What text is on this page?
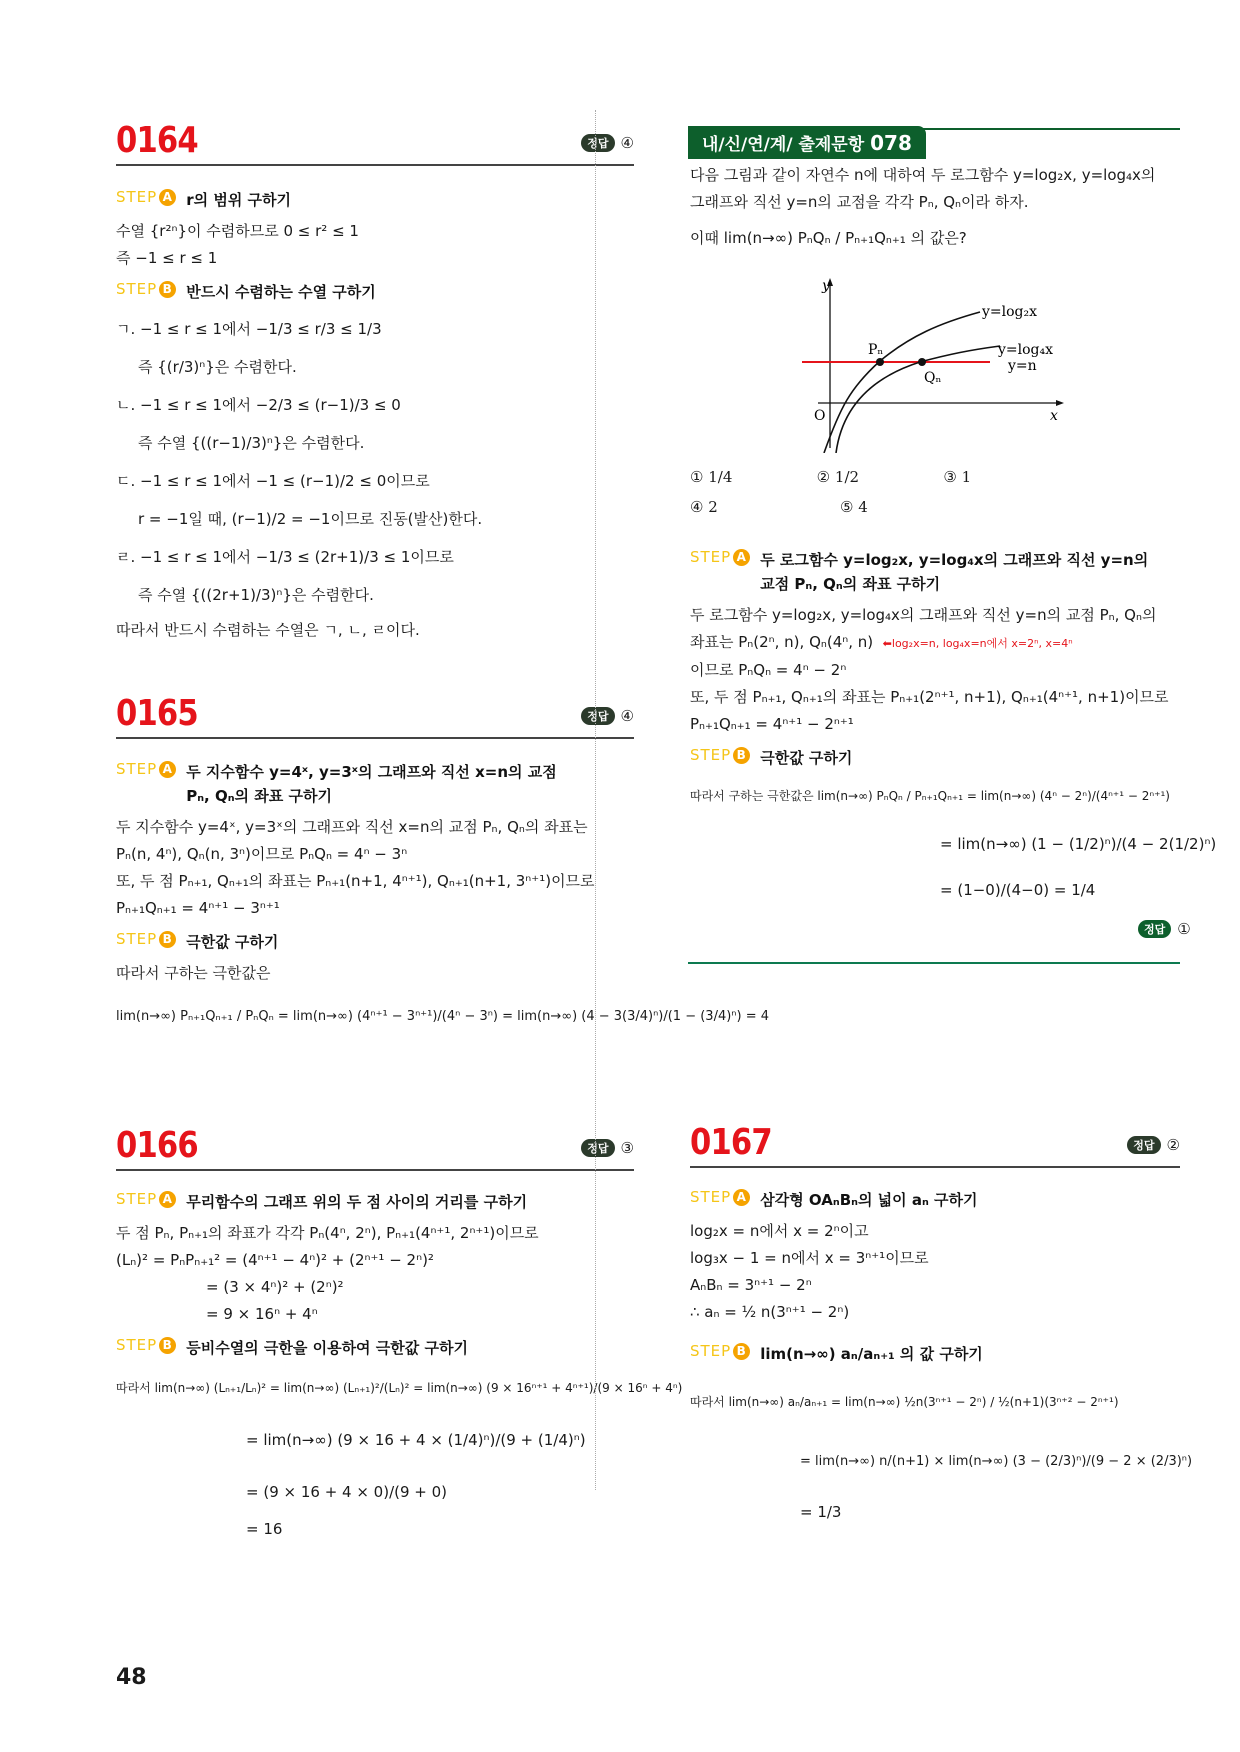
0164	정답 ④
STEP A r의 범위 구하기
수열 {r²ⁿ}이 수렴하므로 0 ≤ r² ≤ 1
즉 −1 ≤ r ≤ 1
STEP B 반드시 수렴하는 수열 구하기
ㄱ. −1 ≤ r ≤ 1에서 −1/3 ≤ r/3 ≤ 1/3
즉 {(r/3)ⁿ}은 수렴한다.
ㄴ. −1 ≤ r ≤ 1에서 −2/3 ≤ (r−1)/3 ≤ 0
즉 수열 {((r−1)/3)ⁿ}은 수렴한다.
ㄷ. −1 ≤ r ≤ 1에서 −1 ≤ (r−1)/2 ≤ 0이므로
r = −1일 때, (r−1)/2 = −1이므로 진동(발산)한다.
ㄹ. −1 ≤ r ≤ 1에서 −1/3 ≤ (2r+1)/3 ≤ 1이므로
즉 수열 {((2r+1)/3)ⁿ}은 수렴한다.
따라서 반드시 수렴하는 수열은 ㄱ, ㄴ, ㄹ이다.
0165	정답 ④
STEP A 두 지수함수 y=4ˣ, y=3ˣ의 그래프와 직선 x=n의 교점 Pₙ, Qₙ의 좌표 구하기
두 지수함수 y=4ˣ, y=3ˣ의 그래프와 직선 x=n의 교점 Pₙ, Qₙ의 좌표는
Pₙ(n, 4ⁿ), Qₙ(n, 3ⁿ)이므로 PₙQₙ = 4ⁿ − 3ⁿ
또, 두 점 Pₙ₊₁, Qₙ₊₁의 좌표는 Pₙ₊₁(n+1, 4ⁿ⁺¹), Qₙ₊₁(n+1, 3ⁿ⁺¹)이므로
Pₙ₊₁Qₙ₊₁ = 4ⁿ⁺¹ − 3ⁿ⁺¹
STEP B 극한값 구하기
따라서 구하는 극한값은
lim(n→∞) Pₙ₊₁Qₙ₊₁ / PₙQₙ = lim(n→∞) (4ⁿ⁺¹ − 3ⁿ⁺¹)/(4ⁿ − 3ⁿ) = lim(n→∞) (4 − 3(3/4)ⁿ)/(1 − (3/4)ⁿ) = 4
0166	정답 ③
STEP A 무리함수의 그래프 위의 두 점 사이의 거리를 구하기
두 점 Pₙ, Pₙ₊₁의 좌표가 각각 Pₙ(4ⁿ, 2ⁿ), Pₙ₊₁(4ⁿ⁺¹, 2ⁿ⁺¹)이므로
(Lₙ)² = PₙPₙ₊₁² = (4ⁿ⁺¹ − 4ⁿ)² + (2ⁿ⁺¹ − 2ⁿ)²
= (3 × 4ⁿ)² + (2ⁿ)²
= 9 × 16ⁿ + 4ⁿ
STEP B 등비수열의 극한을 이용하여 극한값 구하기
따라서 lim(n→∞) (Lₙ₊₁/Lₙ)² = lim(n→∞) (Lₙ₊₁)²/(Lₙ)² = lim(n→∞) (9 × 16ⁿ⁺¹ + 4ⁿ⁺¹)/(9 × 16ⁿ + 4ⁿ)
= lim(n→∞) (9 × 16 + 4 × (1/4)ⁿ)/(9 + (1/4)ⁿ)
= (9 × 16 + 4 × 0)/(9 + 0)
= 16
내/신/연/계/ 출제문항 078
다음 그림과 같이 자연수 n에 대하여 두 로그함수 y=log₂x, y=log₄x의
그래프와 직선 y=n의 교점을 각각 Pₙ, Qₙ이라 하자.
이때 lim(n→∞) PₙQₙ / Pₙ₊₁Qₙ₊₁ 의 값은?
y
O	x
y=log₂x
y=log₄x
y=n
Pₙ
Qₙ
① 1/4	② 1/2	③ 1
④ 2	⑤ 4
STEP A 두 로그함수 y=log₂x, y=log₄x의 그래프와 직선 y=n의 교점 Pₙ, Qₙ의 좌표 구하기
두 로그함수 y=log₂x, y=log₄x의 그래프와 직선 y=n의 교점 Pₙ, Qₙ의
좌표는 Pₙ(2ⁿ, n), Qₙ(4ⁿ, n) ⬅log₂x=n, log₄x=n에서 x=2ⁿ, x=4ⁿ
이므로 PₙQₙ = 4ⁿ − 2ⁿ
또, 두 점 Pₙ₊₁, Qₙ₊₁의 좌표는 Pₙ₊₁(2ⁿ⁺¹, n+1), Qₙ₊₁(4ⁿ⁺¹, n+1)이므로
Pₙ₊₁Qₙ₊₁ = 4ⁿ⁺¹ − 2ⁿ⁺¹
STEP B 극한값 구하기
따라서 구하는 극한값은 lim(n→∞) PₙQₙ / Pₙ₊₁Qₙ₊₁ = lim(n→∞) (4ⁿ − 2ⁿ)/(4ⁿ⁺¹ − 2ⁿ⁺¹)
= lim(n→∞) (1 − (1/2)ⁿ)/(4 − 2(1/2)ⁿ)
= (1−0)/(4−0) = 1/4
정답 ①
0167	정답 ②
STEP A 삼각형 OAₙBₙ의 넓이 aₙ 구하기
log₂x = n에서 x = 2ⁿ이고
log₃x − 1 = n에서 x = 3ⁿ⁺¹이므로
AₙBₙ = 3ⁿ⁺¹ − 2ⁿ
∴ aₙ = ½ n(3ⁿ⁺¹ − 2ⁿ)
STEP B lim(n→∞) aₙ/aₙ₊₁ 의 값 구하기
따라서 lim(n→∞) aₙ/aₙ₊₁ = lim(n→∞) ½n(3ⁿ⁺¹ − 2ⁿ) / ½(n+1)(3ⁿ⁺² − 2ⁿ⁺¹)
= lim(n→∞) n/(n+1) × lim(n→∞) (3 − (2/3)ⁿ)/(9 − 2 × (2/3)ⁿ)
= 1/3
48
